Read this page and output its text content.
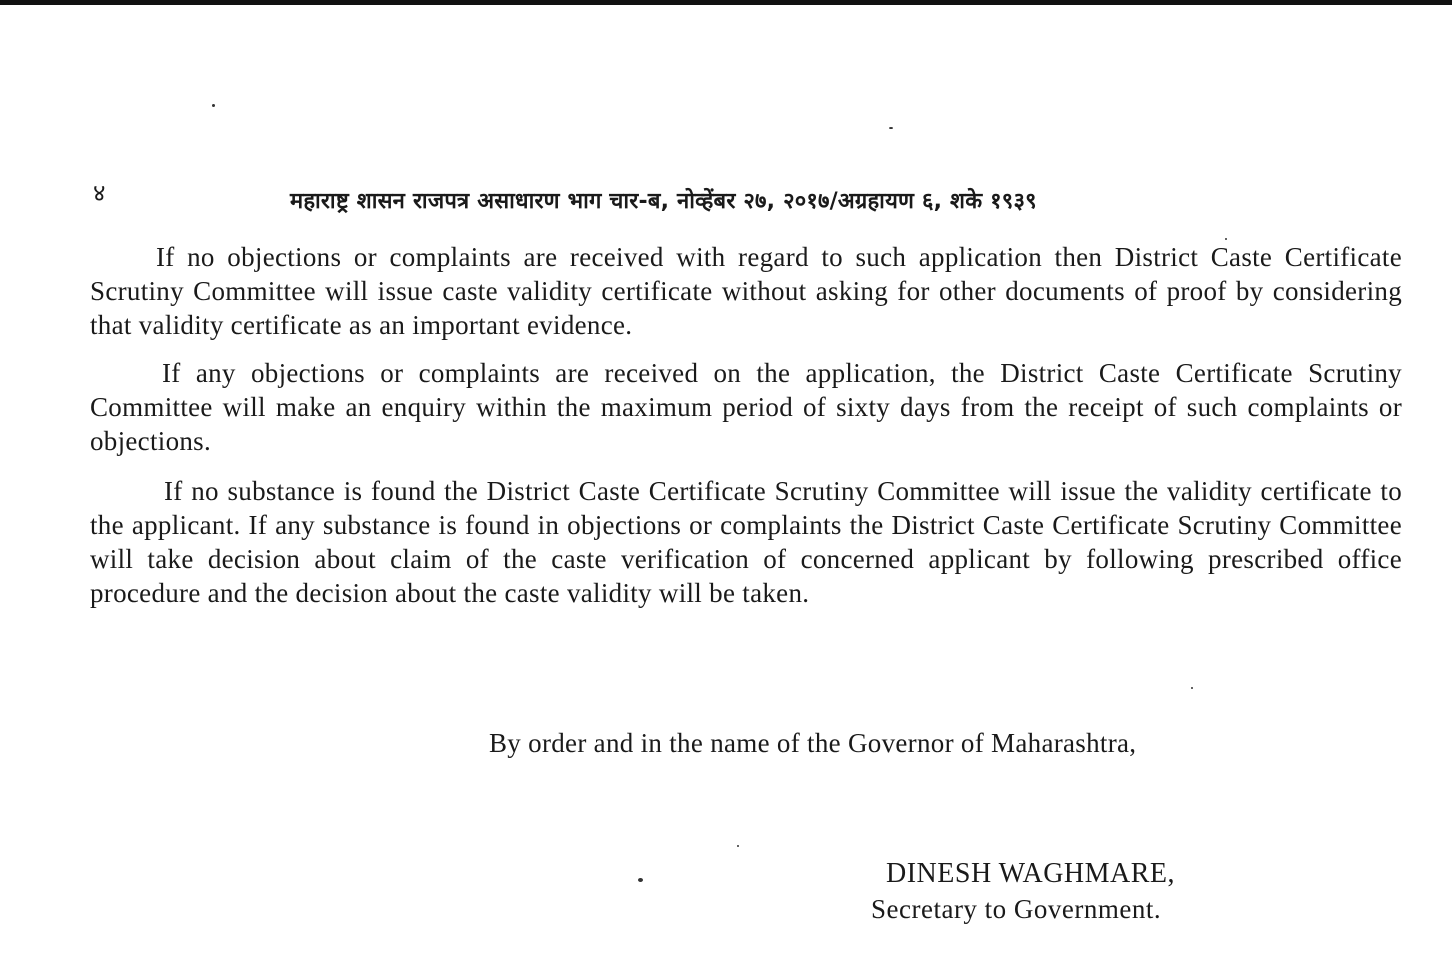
४	महाराष्ट्र शासन राजपत्र असाधारण भाग चार-ब, नोव्हेंबर २७, २०१७/अग्रहायण ६, शके १९३९

If no objections or complaints are received with regard to such application then District Caste Certificate Scrutiny Committee will issue caste validity certificate without asking for other documents of proof by considering that validity certificate as an important evidence.

If any objections or complaints are received on the application, the District Caste Certificate Scrutiny Committee will make an enquiry within the maximum period of sixty days from the receipt of such complaints or objections.

If no substance is found the District Caste Certificate Scrutiny Committee will issue the validity certificate to the applicant. If any substance is found in objections or complaints the District Caste Certificate Scrutiny Committee will take decision about claim of the caste verification of concerned applicant by following prescribed office procedure and the decision about the caste validity will be taken.

By order and in the name of the Governor of Maharashtra,
DINESH WAGHMARE,
Secretary to Government.
